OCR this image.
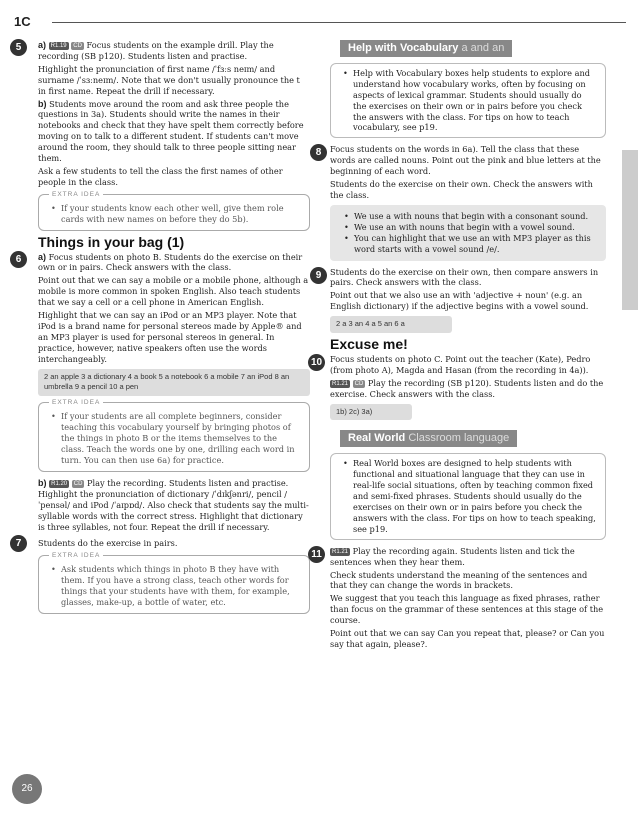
1C
5	a) R1.19 CD Focus students on the example drill. Play the recording (SB p120). Students listen and practise.

Highlight the pronunciation of first name /ˈfɜːs neɪm/ and surname /ˈsɜːneɪm/. Note that we don't usually pronounce the t in first name. Repeat the drill if necessary.

b) Students move around the room and ask three people the questions in 3a). Students should write the names in their notebooks and check that they have spelt them correctly before moving on to talk to a different student. If students can't move around the room, they should talk to three people sitting near them.

Ask a few students to tell the class the first names of other people in the class.

EXTRA IDEA
• If your students know each other well, give them role cards with new names on before they do 5b).
Things in your bag (1)
6	a) Focus students on photo B. Students do the exercise on their own or in pairs. Check answers with the class.

Point out that we can say a mobile or a mobile phone, although a mobile is more common in spoken English. Also teach students that we say a cell or a cell phone in American English.

Highlight that we can say an iPod or an MP3 player. Note that iPod is a brand name for personal stereos made by Apple® and an MP3 player is used for personal stereos in general. In practice, however, native speakers often use the words interchangeably.

2 an apple 3 a dictionary 4 a book 5 a notebook 6 a mobile 7 an iPod 8 an umbrella 9 a pencil 10 a pen
EXTRA IDEA
• If your students are all complete beginners, consider teaching this vocabulary yourself by bringing photos of the things in photo B or the items themselves to the class. Teach the words one by one, drilling each word in turn. You can then use 6a) for practice.

b) R1.20 CD Play the recording. Students listen and practise. Highlight the pronunciation of dictionary /ˈdɪkʃənri/, pencil /ˈpensəl/ and iPod /ˈaɪpɒd/. Also check that students say the multi-syllable words with the correct stress. Highlight that dictionary is three syllables, not four. Repeat the drill if necessary.

7	Students do the exercise in pairs.

EXTRA IDEA
• Ask students which things in photo B they have with them. If you have a strong class, teach other words for things that your students have with them, for example, glasses, make-up, a bottle of water, etc.
Help with Vocabulary a and an
• Help with Vocabulary boxes help students to explore and understand how vocabulary works, often by focusing on aspects of lexical grammar. Students should usually do the exercises on their own or in pairs before you check the answers with the class. For tips on how to teach vocabulary, see p19.
8	Focus students on the words in 6a). Tell the class that these words are called nouns. Point out the pink and blue letters at the beginning of each word.

Students do the exercise on their own. Check the answers with the class.

• We use a with nouns that begin with a consonant sound.
• We use an with nouns that begin with a vowel sound.
• You can highlight that we use an with MP3 player as this word starts with a vowel sound /e/.
9	Students do the exercise on their own, then compare answers in pairs. Check answers with the class.

Point out that we also use an with 'adjective + noun' (e.g. an English dictionary) if the adjective begins with a vowel sound.

2 a 3 an 4 a 5 an 6 a
Excuse me!
10 Focus students on photo C. Point out the teacher (Kate), Pedro (from photo A), Magda and Hasan (from the recording in 4a)).

R1.21 CD Play the recording (SB p120). Students listen and do the exercise. Check answers with the class.

1b) 2c) 3a)
Real World Classroom language
• Real World boxes are designed to help students with functional and situational language that they can use in real-life social situations, often by teaching common fixed and semi-fixed phrases. Students should usually do the exercises on their own or in pairs before you check the answers with the class. For tips on how to teach speaking, see p19.
11	R1.21 Play the recording again. Students listen and tick the sentences when they hear them.

Check students understand the meaning of the sentences and that they can change the words in brackets.

We suggest that you teach this language as fixed phrases, rather than focus on the grammar of these sentences at this stage of the course.

Point out that we can say Can you repeat that, please? or Can you say that again, please?.

26
